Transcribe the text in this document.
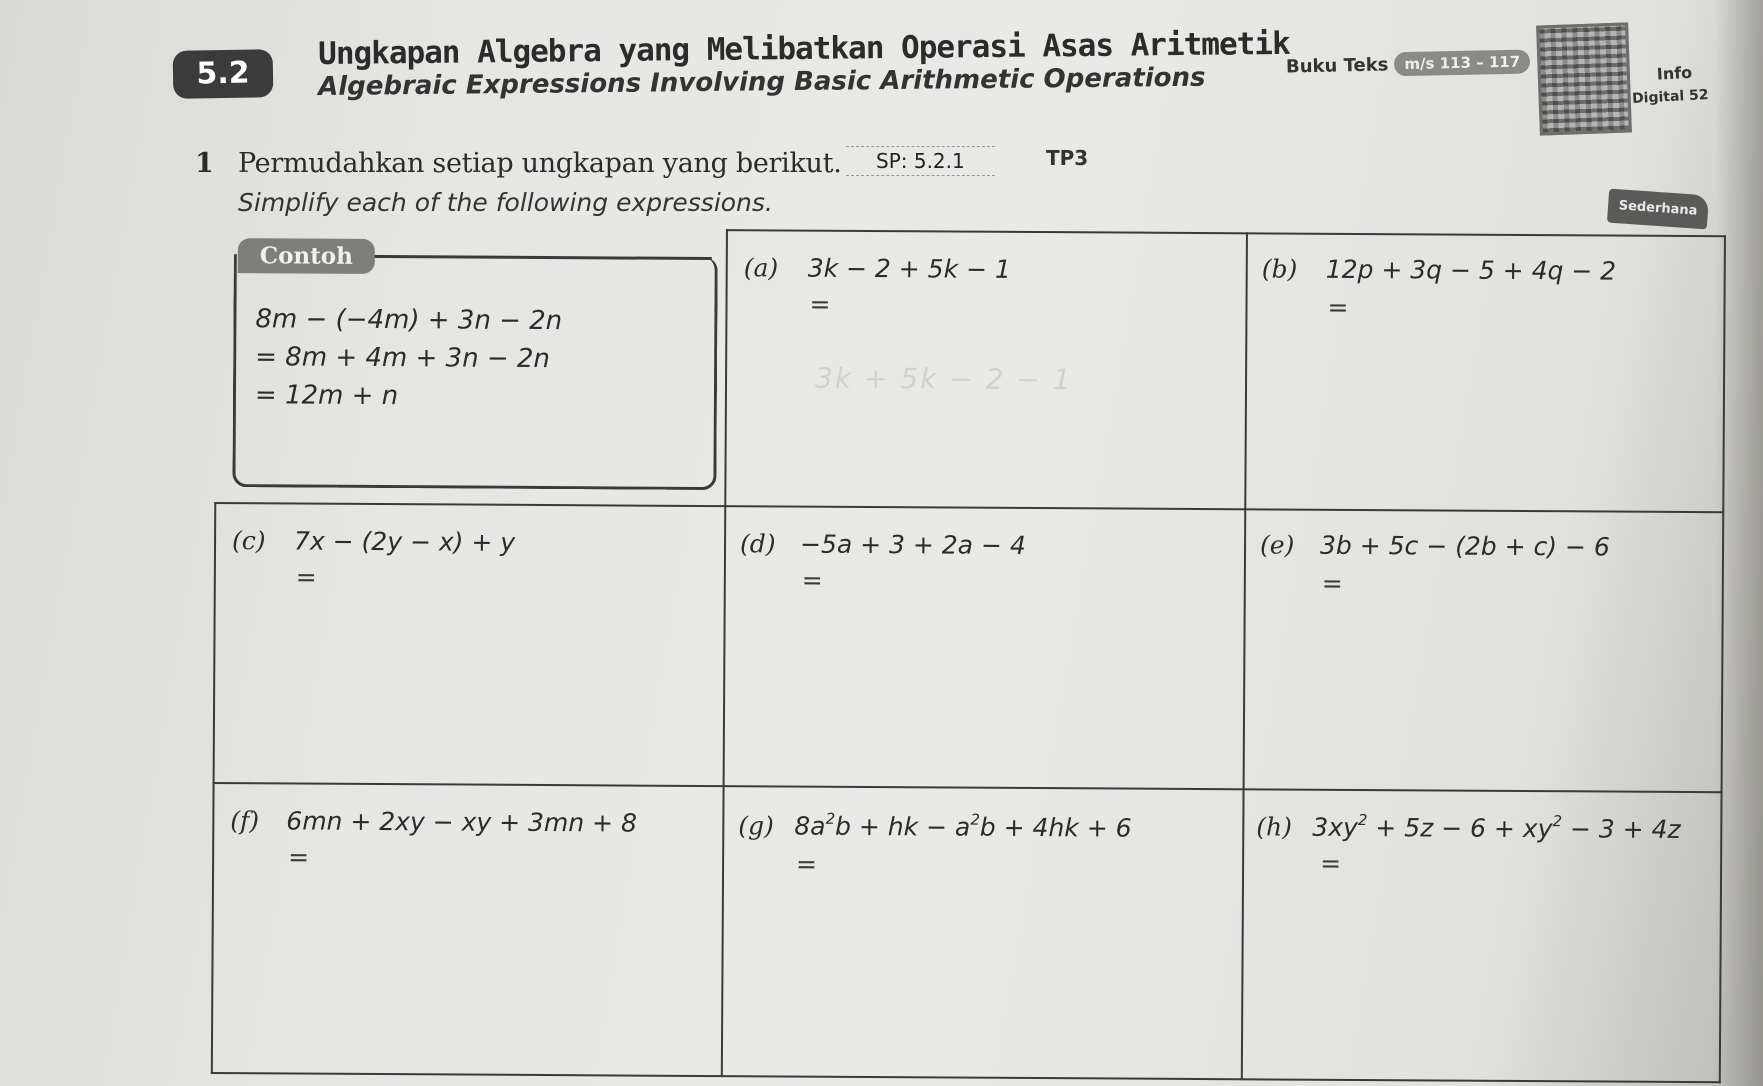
5.2
Ungkapan Algebra yang Melibatkan Operasi Asas Aritmetik
Algebraic Expressions Involving Basic Arithmetic Operations	Buku Teks	m/s 113 – 117	Info
Digital 52
1 Permudahkan setiap ungkapan yang berikut.
Simplify each of the following expressions.
SP: 5.2.1	TP3
Sederhana
Contoh
8m − (−4m) + 3n − 2n
= 8m + 4m + 3n − 2n
= 12m + n
(a) 3k − 2 + 5k − 1
=
3k + 5k − 2 − 1
(b) 12p + 3q − 5 + 4q − 2
=
(c) 7x − (2y − x) + y
=
(d) −5a + 3 + 2a − 4
=
(e) 3b + 5c − (2b + c) − 6
=
(f) 6mn + 2xy − xy + 3mn + 8
=
(g) $8a^2b$ + hk − $a^2b + 4hk + 6$
=
(h) $3xy^2 + 5z - 6 + xy^2 - 3 + 4z$
=
